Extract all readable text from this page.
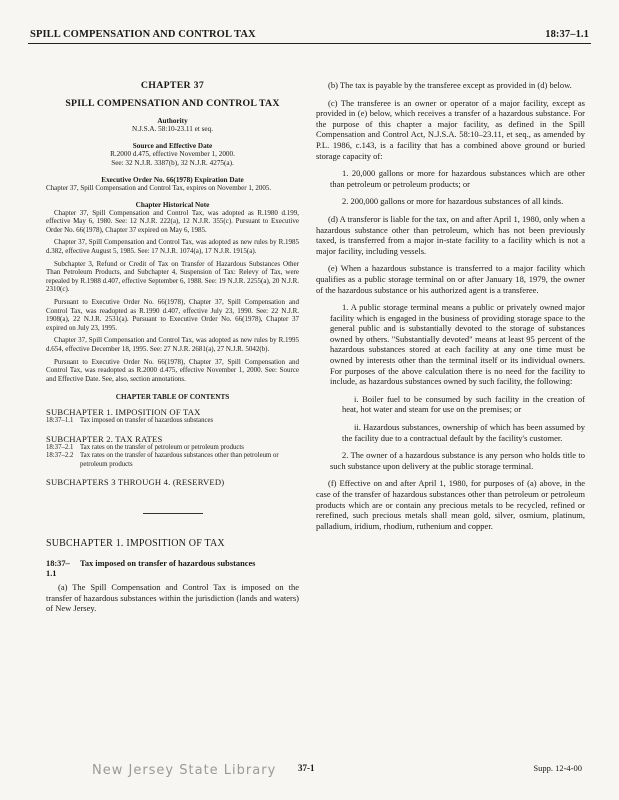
SPILL COMPENSATION AND CONTROL TAX	18:37–1.1
CHAPTER 37
SPILL COMPENSATION AND CONTROL TAX
Authority
N.J.S.A. 58:10-23.11 et seq.
Source and Effective Date
R.2000 d.475, effective November 1, 2000.
See: 32 N.J.R. 3387(b), 32 N.J.R. 4275(a).
Executive Order No. 66(1978) Expiration Date

Chapter 37, Spill Compensation and Control Tax, expires on November 1, 2005.

Chapter Historical Note

Chapter 37, Spill Compensation and Control Tax, was adopted as R.1980 d.199, effective May 6, 1980. See: 12 N.J.R. 222(a), 12 N.J.R. 355(c). Pursuant to Executive Order No. 66(1978), Chapter 37 expired on May 6, 1985.

Chapter 37, Spill Compensation and Control Tax, was adopted as new rules by R.1985 d.382, effective August 5, 1985. See: 17 N.J.R. 1074(a), 17 N.J.R. 1915(a).

Subchapter 3, Refund or Credit of Tax on Transfer of Hazardous Substances Other Than Petroleum Products, and Subchapter 4, Suspension of Tax: Relevy of Tax, were repealed by R.1988 d.407, effective September 6, 1988. See: 19 N.J.R. 2255(a), 20 N.J.R. 2310(c).

Pursuant to Executive Order No. 66(1978), Chapter 37, Spill Compensation and Control Tax, was readopted as R.1990 d.407, effective July 23, 1990. See: 22 N.J.R. 1908(a), 22 N.J.R. 2531(a). Pursuant to Executive Order No. 66(1978), Chapter 37 expired on July 23, 1995.

Chapter 37, Spill Compensation and Control Tax, was adopted as new rules by R.1995 d.654, effective December 18, 1995. See: 27 N.J.R. 2681(a), 27 N.J.R. 5042(b).

Pursuant to Executive Order No. 66(1978), Chapter 37, Spill Compensation and Control Tax, was readopted as R.2000 d.475, effective November 1, 2000. See: Source and Effective Date. See, also, section annotations.

CHAPTER TABLE OF CONTENTS
SUBCHAPTER 1. IMPOSITION OF TAX
18:37–1.1 Tax imposed on transfer of hazardous substances
SUBCHAPTER 2. TAX RATES
18:37–2.1 Tax rates on the transfer of petroleum or petroleum products
18:37–2.2 Tax rates on the transfer of hazardous substances other than petroleum or petroleum products
SUBCHAPTERS 3 THROUGH 4. (RESERVED)
SUBCHAPTER 1. IMPOSITION OF TAX
18:37–1.1
Tax imposed on transfer of hazardous substances

(a) The Spill Compensation and Control Tax is imposed on the transfer of hazardous substances within the jurisdiction (lands and waters) of New Jersey.

(b) The tax is payable by the transferee except as provided in (d) below.

(c) The transferee is an owner or operator of a major facility, except as provided in (e) below, which receives a transfer of a hazardous substance. For the purpose of this chapter a major facility, as defined in the Spill Compensation and Control Act, N.J.S.A. 58:10–23.11, et seq., as amended by P.L. 1986, c.143, is a facility that has a combined above ground or buried storage capacity of:

1. 20,000 gallons or more for hazardous substances which are other than petroleum or petroleum products; or

2. 200,000 gallons or more for hazardous substances of all kinds.

(d) A transferor is liable for the tax, on and after April 1, 1980, only when a hazardous substance other than petroleum, which has not been previously taxed, is transferred from a major in-state facility to a facility which is not a major facility, including vessels.

(e) When a hazardous substance is transferred to a major facility which qualifies as a public storage terminal on or after January 18, 1979, the owner of the hazardous substance or his authorized agent is a transferee.

1. A public storage terminal means a public or privately owned major facility which is engaged in the business of providing storage space to the general public and is substantially devoted to the storage of substances owned by others. "Substantially devoted" means at least 95 percent of the hazardous substances stored at each facility at any one time must be owned by interests other than the terminal itself or its individual owners. For purposes of the above calculation there is no need for the facility to include, as hazardous substances owned by such facility, the following:

i. Boiler fuel to be consumed by such facility in the creation of heat, hot water and steam for use on the premises; or

ii. Hazardous substances, ownership of which has been assumed by the facility due to a contractual default by the facility's customer.

2. The owner of a hazardous substance is any person who holds title to such substance upon delivery at the public storage terminal.

(f) Effective on and after April 1, 1980, for purposes of (a) above, in the case of the transfer of hazardous substances other than petroleum or petroleum products which are or contain any precious metals to be recycled, refined or rerefined, such precious metals shall mean gold, silver, osmium, platinum, palladium, iridium, rhodium, ruthenium and copper.

New Jersey State Library 37-1	Supp. 12-4-00
